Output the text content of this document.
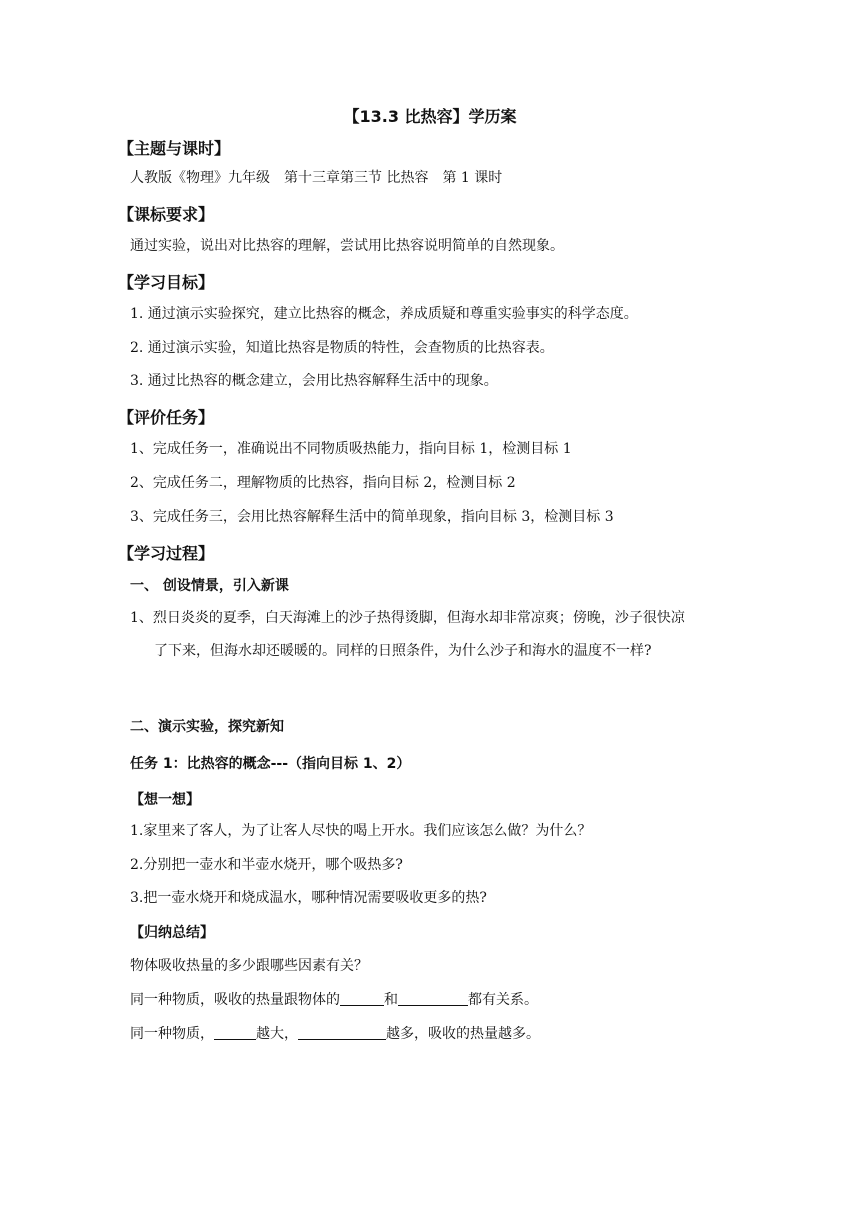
【13.3 比热容】学历案
【主题与课时】
人教版《物理》九年级　第十三章第三节 比热容　第 1 课时
【课标要求】
通过实验，说出对比热容的理解，尝试用比热容说明简单的自然现象。
【学习目标】
1. 通过演示实验探究，建立比热容的概念，养成质疑和尊重实验事实的科学态度。
2. 通过演示实验，知道比热容是物质的特性，会查物质的比热容表。
3. 通过比热容的概念建立，会用比热容解释生活中的现象。
【评价任务】
1、完成任务一，准确说出不同物质吸热能力，指向目标 1，检测目标 1
2、完成任务二，理解物质的比热容，指向目标 2，检测目标 2
3、完成任务三，会用比热容解释生活中的简单现象，指向目标 3，检测目标 3
【学习过程】
一、 创设情景，引入新课
1、烈日炎炎的夏季，白天海滩上的沙子热得烫脚，但海水却非常凉爽；傍晚，沙子很快凉
了下来，但海水却还暖暖的。同样的日照条件，为什么沙子和海水的温度不一样?
二、演示实验，探究新知
任务 1：比热容的概念---（指向目标 1、2）
【想一想】
1.家里来了客人，为了让客人尽快的喝上开水。我们应该怎么做？为什么？
2.分别把一壶水和半壶水烧开，哪个吸热多?
3.把一壶水烧开和烧成温水，哪种情况需要吸收更多的热?
【归纳总结】
物体吸收热量的多少跟哪些因素有关？
同一种物质，吸收的热量跟物体的	和	都有关系。
同一种物质，	越大，	越多，吸收的热量越多。
